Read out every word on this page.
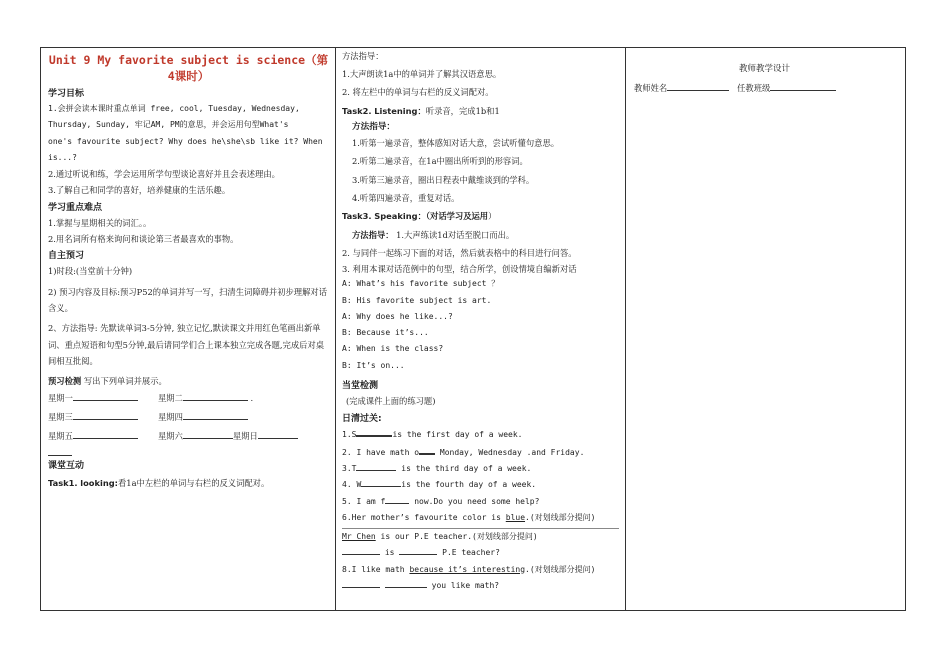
Unit 9 My favorite subject is science（第4课时）
学习目标
1.会拼会读本课时重点单词 free, cool, Tuesday, Wednesday,
Thursday, Sunday, 牢记AM, PM的意思，并会运用句型What's
one's favourite subject? Why does he\she\sb like it? When
is...?
2.通过听说和练，学会运用所学句型谈论喜好并且会表述理由。
3.了解自己和同学的喜好，培养健康的生活乐趣。
学习重点难点
1.掌握与星期相关的词汇。。
2.用名词所有格来询问和谈论第三者最喜欢的事物。
自主预习
1)时段:(当堂前十分钟)
2) 预习内容及目标:预习P52的单词并写一写，扫清生词障碍并初步理解对话含义。
2、方法指导: 先默读单词3-5分钟, 独立记忆,默读课文并用红色笔画出新单词、重点短语和句型5分钟,最后请同学们合上课本独立完成各题,完成后对桌间相互批阅。
预习检测 写出下列单词并展示。
星期一	星期二	.
星期三	星期四
星期五	星期六	星期日
课堂互动
Task1. looking:看1a中左栏的单词与右栏的反义词配对。
方法指导：
1.大声朗读1a中的单词并了解其汉语意思。
2. 将左栏中的单词与右栏的反义词配对。
Task2. Listening：听录音，完成1b和1
方法指导：
1.听第一遍录音，整体感知对话大意，尝试听懂句意思。
2.听第二遍录音，在1a中圈出所听到的形容词。
3.听第三遍录音，圈出日程表中戴维谈到的学科。
4.听第四遍录音，重复对话。
Task3. Speaking：（对话学习及运用）
方法指导： 1.大声练读1d对话至脱口而出。
2. 与同伴一起练习下面的对话，然后就表格中的科目进行问答。
3. 利用本课对话范例中的句型，结合所学，创设情境自编新对话
A: What’s his favorite subject ？
B: His favorite subject is art.
A: Why does he like...?
B: Because it’s...
A: When is the class?
B: It’s on...
当堂检测
(完成课件上面的练习题)
日清过关:
1.S	is the first day of a week.
2. I have math o	Monday, Wednesday .and Friday.
3.T	is the third day of a week.
4. W	is the fourth day of a week.
5. I am f	now.Do you need some help?
6.Her mother’s favourite color is blue.(对划线部分提问)
Mr Chen is our P.E teacher.(对划线部分提问)
is	P.E teacher?
8.I like math because it’s interesting.(对划线部分提问)
you like math?
教师教学设计
教师姓名	任教班级
